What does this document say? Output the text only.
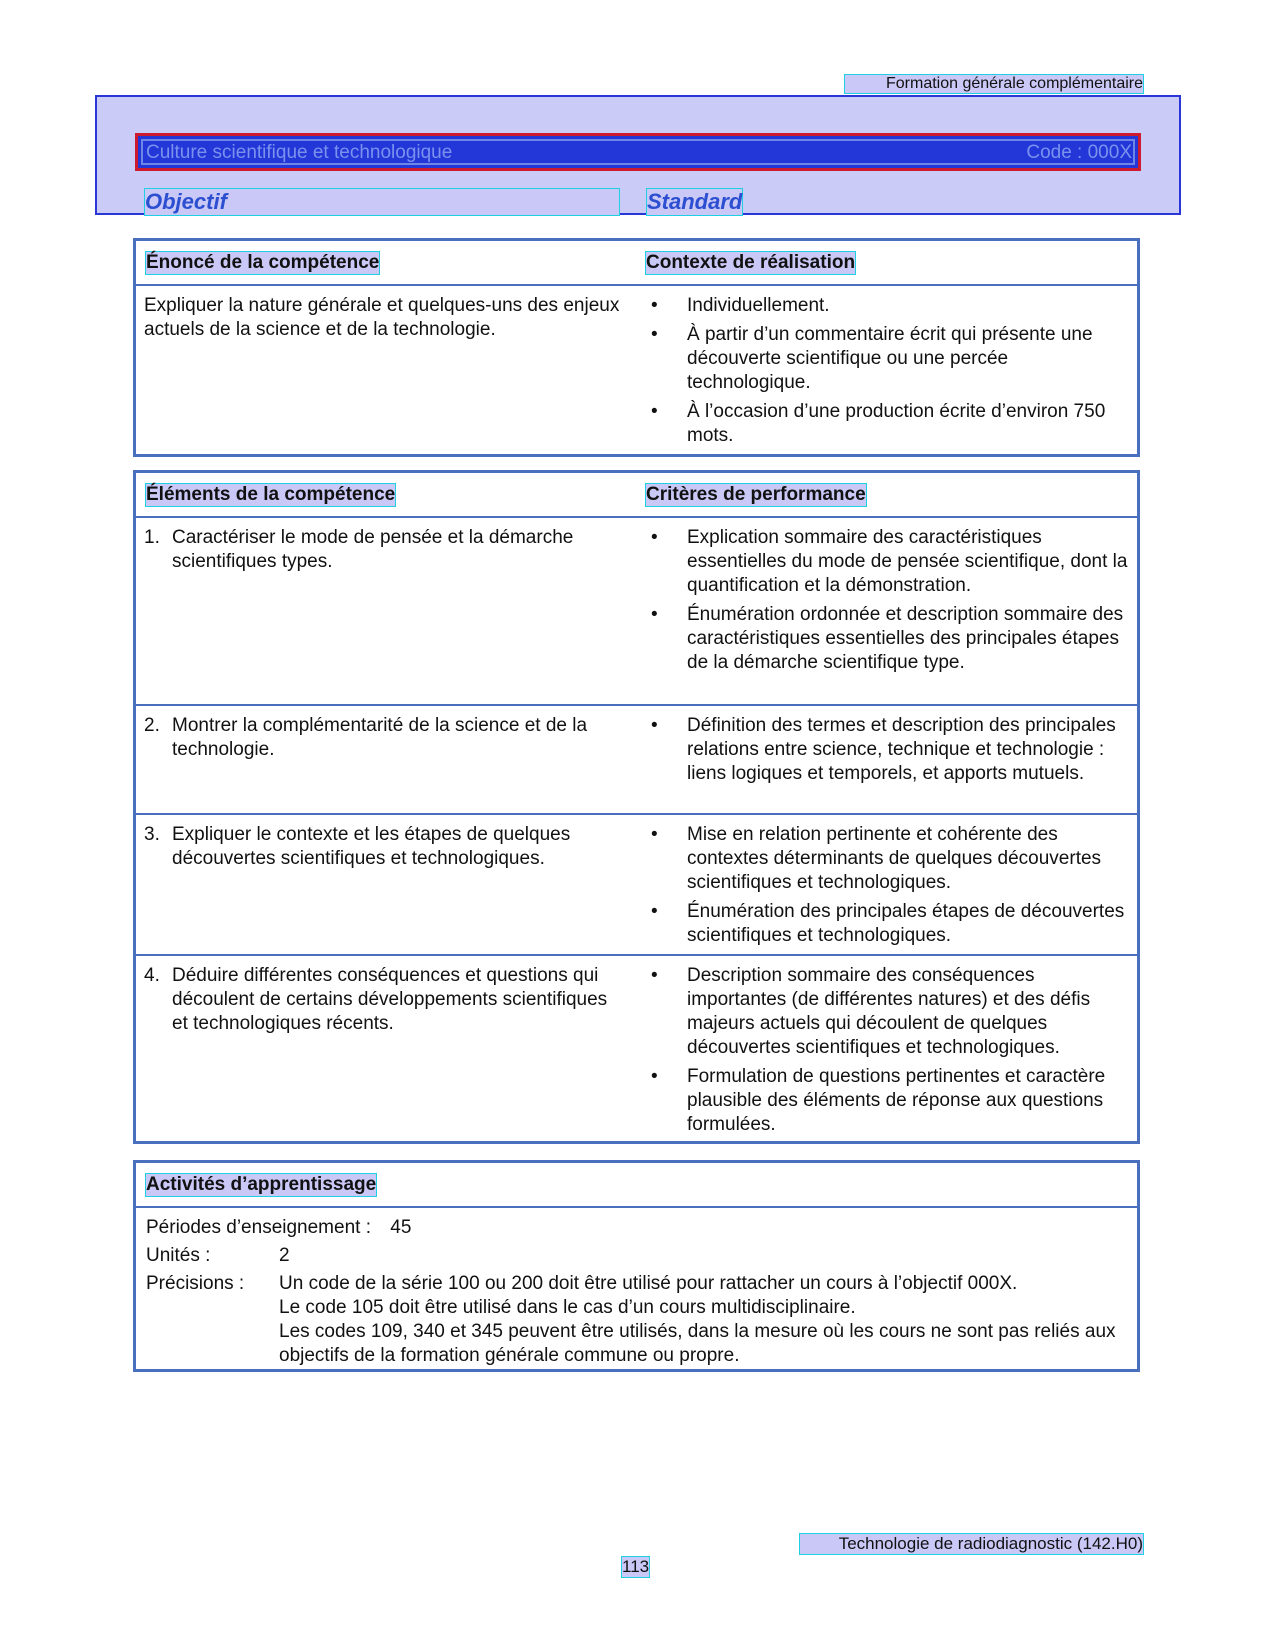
Formation générale complémentaire
Culture scientifique et technologique	Code : 000X
Objectif	Standard
Énoncé de la compétence	Contexte de réalisation
Expliquer la nature générale et quelques-uns des enjeux actuels de la science et de la technologie.
• Individuellement.
• À partir d’un commentaire écrit qui présente une découverte scientifique ou une percée technologique.
• À l’occasion d’une production écrite d’environ 750 mots.
Éléments de la compétence	Critères de performance
1. Caractériser le mode de pensée et la démarche scientifiques types.
• Explication sommaire des caractéristiques essentielles du mode de pensée scientifique, dont la quantification et la démonstration.
• Énumération ordonnée et description sommaire des caractéristiques essentielles des principales étapes de la démarche scientifique type.
2. Montrer la complémentarité de la science et de la technologie.
• Définition des termes et description des principales relations entre science, technique et technologie : liens logiques et temporels, et apports mutuels.
3. Expliquer le contexte et les étapes de quelques découvertes scientifiques et technologiques.
• Mise en relation pertinente et cohérente des contextes déterminants de quelques découvertes scientifiques et technologiques.
• Énumération des principales étapes de découvertes scientifiques et technologiques.
4. Déduire différentes conséquences et questions qui découlent de certains développements scientifiques et technologiques récents.
• Description sommaire des conséquences importantes (de différentes natures) et des défis majeurs actuels qui découlent de quelques découvertes scientifiques et technologiques.
• Formulation de questions pertinentes et caractère plausible des éléments de réponse aux questions formulées.
Activités d’apprentissage
Périodes d’enseignement : 45
Unités :	2
Précisions : Un code de la série 100 ou 200 doit être utilisé pour rattacher un cours à l’objectif 000X.
Le code 105 doit être utilisé dans le cas d’un cours multidisciplinaire.
Les codes 109, 340 et 345 peuvent être utilisés, dans la mesure où les cours ne sont pas reliés aux objectifs de la formation générale commune ou propre.
Technologie de radiodiagnostic (142.H0)
113
